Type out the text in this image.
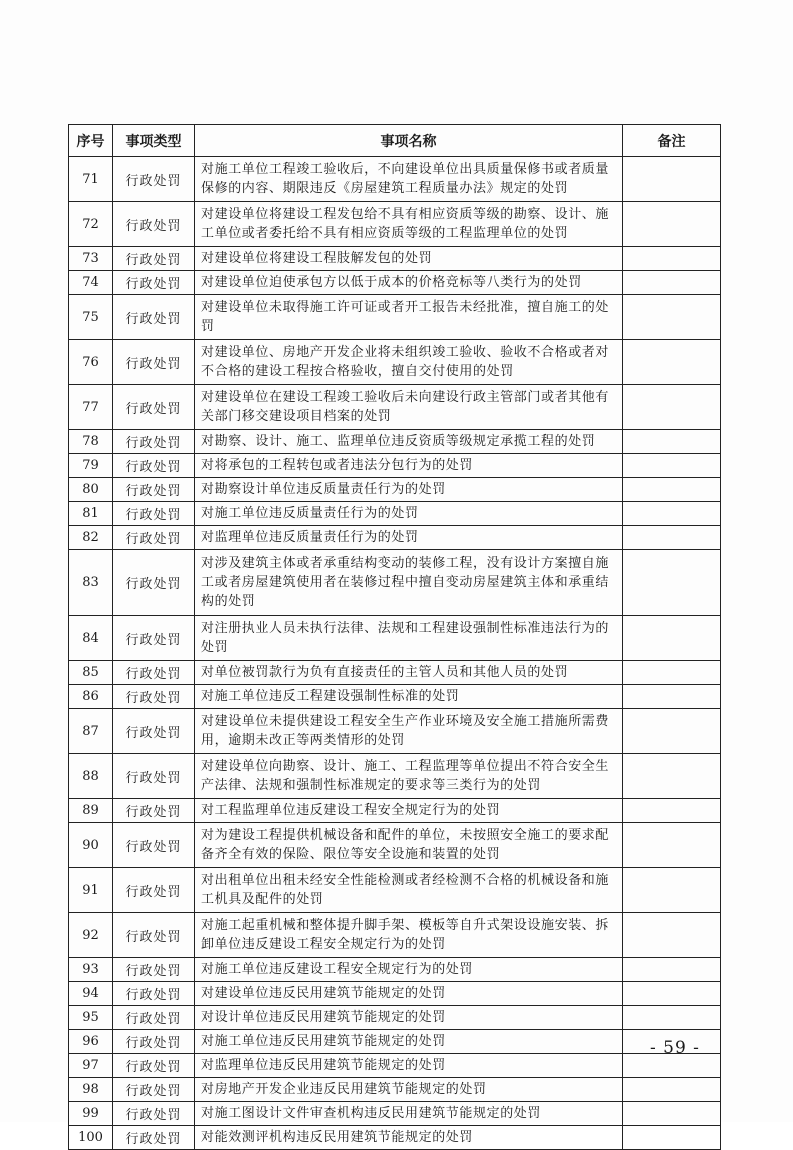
序号	事项类型	事项名称	备注
71	行政处罚	对施工单位工程竣工验收后，不向建设单位出具质量保修书或者质量保修的内容、期限违反《房屋建筑工程质量办法》规定的处罚	
72	行政处罚	对建设单位将建设工程发包给不具有相应资质等级的勘察、设计、施工单位或者委托给不具有相应资质等级的工程监理单位的处罚	
73	行政处罚	对建设单位将建设工程肢解发包的处罚	
74	行政处罚	对建设单位迫使承包方以低于成本的价格竞标等八类行为的处罚	
75	行政处罚	对建设单位未取得施工许可证或者开工报告未经批准，擅自施工的处罚	
76	行政处罚	对建设单位、房地产开发企业将未组织竣工验收、验收不合格或者对不合格的建设工程按合格验收，擅自交付使用的处罚	
77	行政处罚	对建设单位在建设工程竣工验收后未向建设行政主管部门或者其他有关部门移交建设项目档案的处罚	
78	行政处罚	对勘察、设计、施工、监理单位违反资质等级规定承揽工程的处罚	
79	行政处罚	对将承包的工程转包或者违法分包行为的处罚	
80	行政处罚	对勘察设计单位违反质量责任行为的处罚	
81	行政处罚	对施工单位违反质量责任行为的处罚	
82	行政处罚	对监理单位违反质量责任行为的处罚	
83	行政处罚	对涉及建筑主体或者承重结构变动的装修工程，没有设计方案擅自施工或者房屋建筑使用者在装修过程中擅自变动房屋建筑主体和承重结构的处罚	
84	行政处罚	对注册执业人员未执行法律、法规和工程建设强制性标准违法行为的处罚	
85	行政处罚	对单位被罚款行为负有直接责任的主管人员和其他人员的处罚	
86	行政处罚	对施工单位违反工程建设强制性标准的处罚	
87	行政处罚	对建设单位未提供建设工程安全生产作业环境及安全施工措施所需费用，逾期未改正等两类情形的处罚	
88	行政处罚	对建设单位向勘察、设计、施工、工程监理等单位提出不符合安全生产法律、法规和强制性标准规定的要求等三类行为的处罚	
89	行政处罚	对工程监理单位违反建设工程安全规定行为的处罚	
90	行政处罚	对为建设工程提供机械设备和配件的单位，未按照安全施工的要求配备齐全有效的保险、限位等安全设施和装置的处罚	
91	行政处罚	对出租单位出租未经安全性能检测或者经检测不合格的机械设备和施工机具及配件的处罚	
92	行政处罚	对施工起重机械和整体提升脚手架、模板等自升式架设设施安装、拆卸单位违反建设工程安全规定行为的处罚	
93	行政处罚	对施工单位违反建设工程安全规定行为的处罚	
94	行政处罚	对建设单位违反民用建筑节能规定的处罚	
95	行政处罚	对设计单位违反民用建筑节能规定的处罚	
96	行政处罚	对施工单位违反民用建筑节能规定的处罚	
97	行政处罚	对监理单位违反民用建筑节能规定的处罚	
98	行政处罚	对房地产开发企业违反民用建筑节能规定的处罚	
99	行政处罚	对施工图设计文件审查机构违反民用建筑节能规定的处罚	
100	行政处罚	对能效测评机构违反民用建筑节能规定的处罚	
- 59 -
